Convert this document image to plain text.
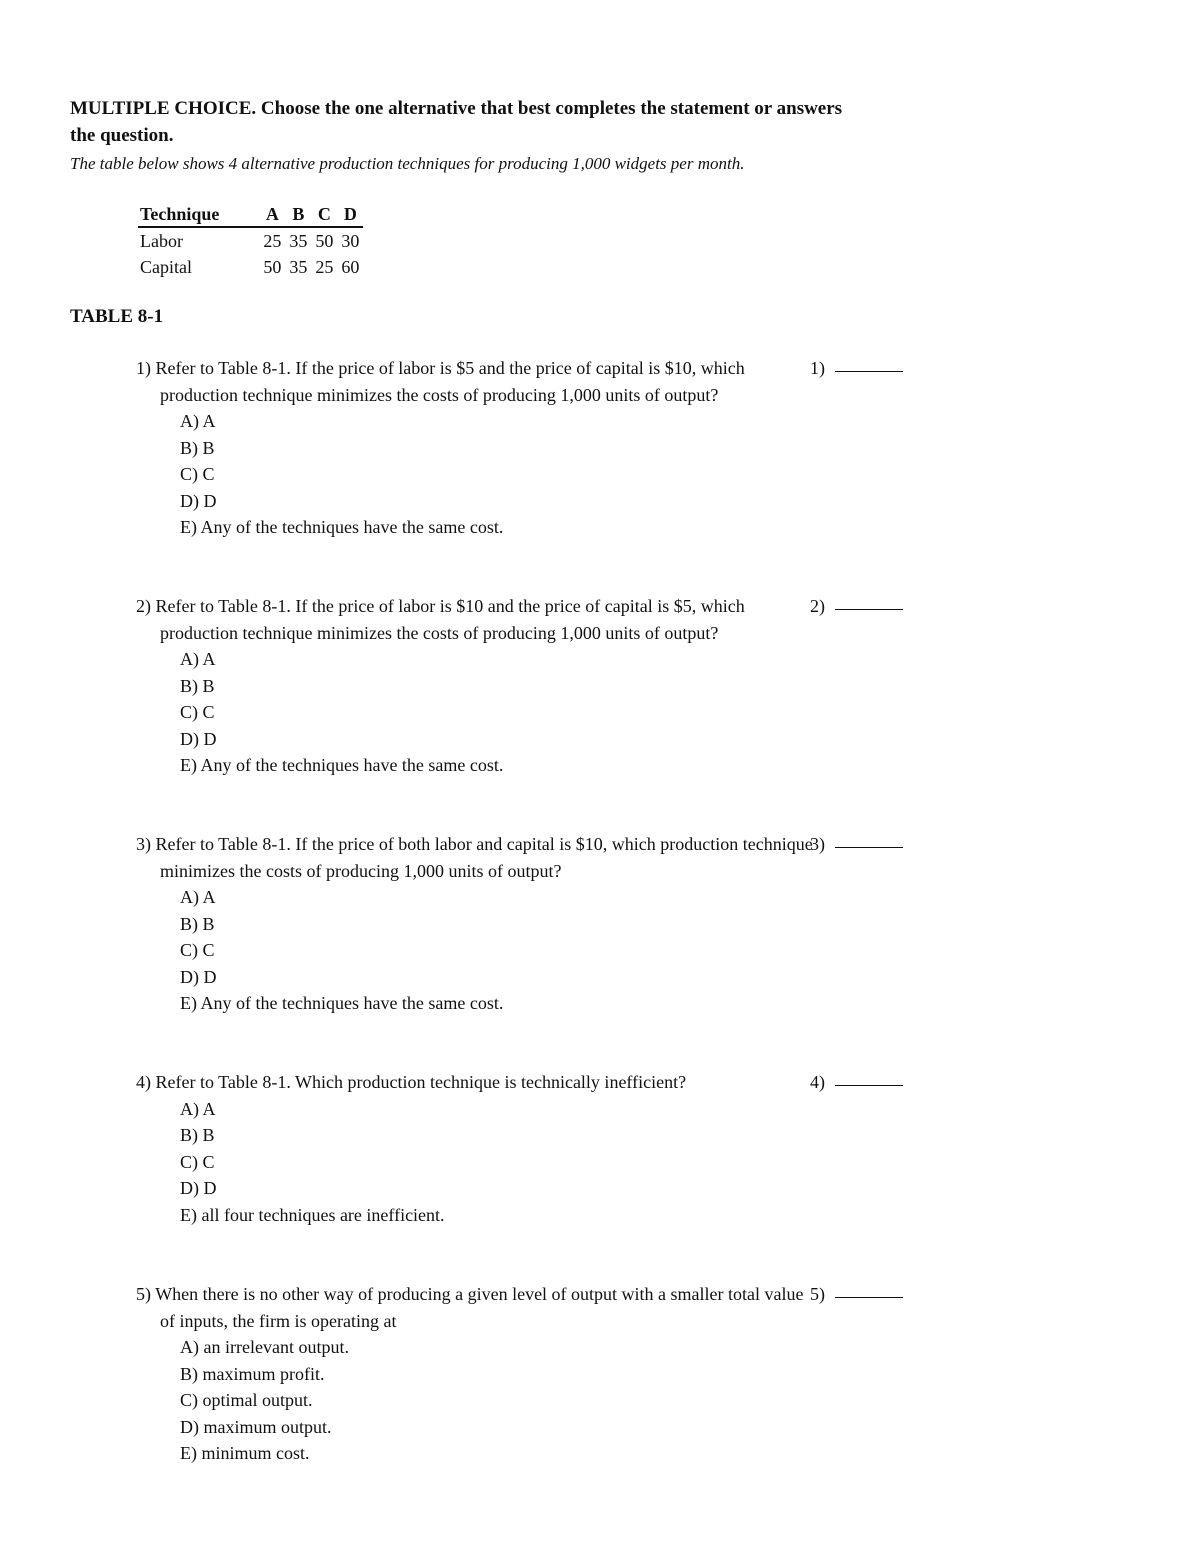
MULTIPLE CHOICE. Choose the one alternative that best completes the statement or answers
the question.
The table below shows 4 alternative production techniques for producing 1,000 widgets per month.
Technique	A	B	C	D
Labor	25	35	50	30
Capital	50	35	25	60
TABLE 8-1
1) Refer to Table 8-1. If the price of labor is $5 and the price of capital is $10, which production technique minimizes the costs of producing 1,000 units of output?
A) A
B) B
C) C
D) D
E) Any of the techniques have the same cost.
1)
2) Refer to Table 8-1. If the price of labor is $10 and the price of capital is $5, which production technique minimizes the costs of producing 1,000 units of output?
A) A
B) B
C) C
D) D
E) Any of the techniques have the same cost.
2)
3) Refer to Table 8-1. If the price of both labor and capital is $10, which production technique minimizes the costs of producing 1,000 units of output?
A) A
B) B
C) C
D) D
E) Any of the techniques have the same cost.
3)
4) Refer to Table 8-1. Which production technique is technically inefficient?
A) A
B) B
C) C
D) D
E) all four techniques are inefficient.
4)
5) When there is no other way of producing a given level of output with a smaller total value of inputs, the firm is operating at
A) an irrelevant output.
B) maximum profit.
C) optimal output.
D) maximum output.
E) minimum cost.
5)
